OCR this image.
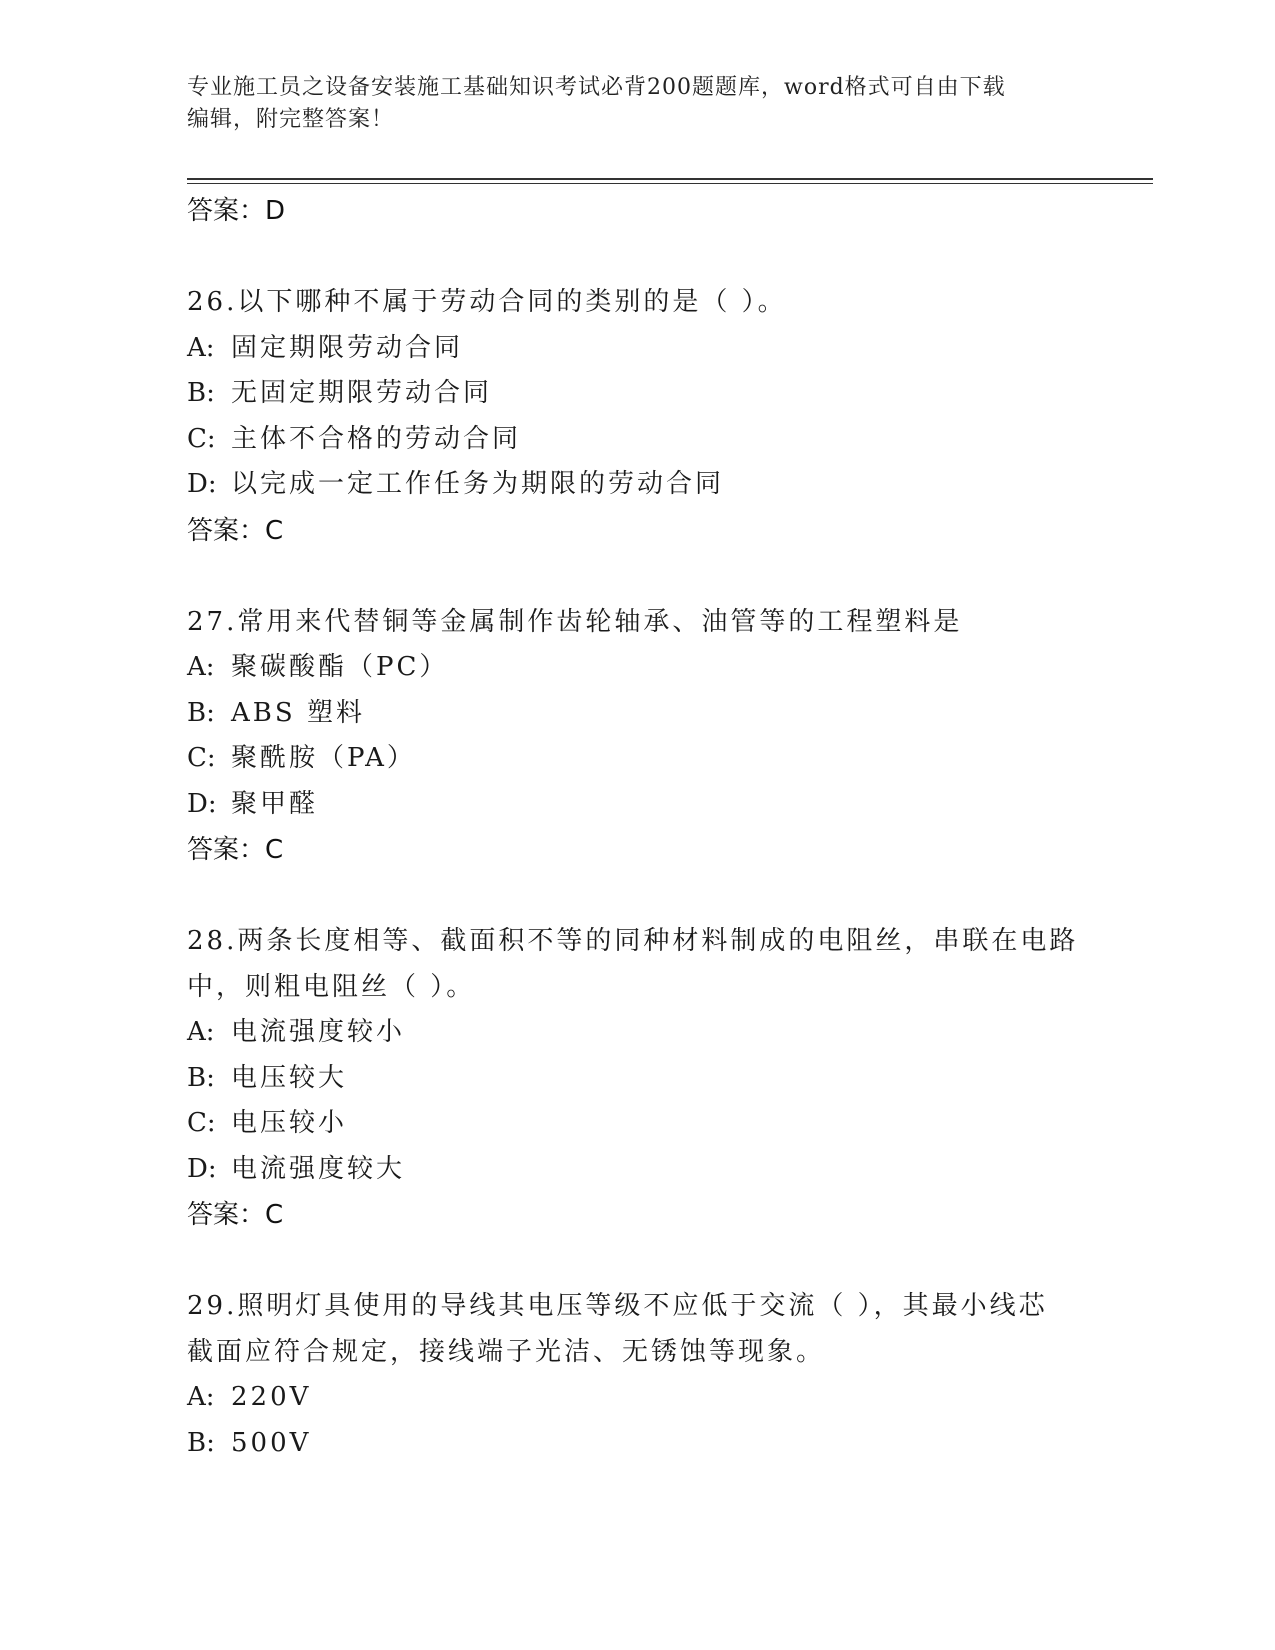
专业施工员之设备安装施工基础知识考试必背200题题库，word格式可自由下载
编辑，附完整答案！
答案：D
26.以下哪种不属于劳动合同的类别的是（ ）。
A: 固定期限劳动合同
B: 无固定期限劳动合同
C: 主体不合格的劳动合同
D: 以完成一定工作任务为期限的劳动合同
答案：C
27.常用来代替铜等金属制作齿轮轴承、油管等的工程塑料是
A: 聚碳酸酯（PC）
B: ABS 塑料
C: 聚酰胺（PA）
D: 聚甲醛
答案：C
28.两条长度相等、截面积不等的同种材料制成的电阻丝，串联在电路
中，则粗电阻丝（ ）。
A: 电流强度较小
B: 电压较大
C: 电压较小
D: 电流强度较大
答案：C
29.照明灯具使用的导线其电压等级不应低于交流（ ），其最小线芯
截面应符合规定，接线端子光洁、无锈蚀等现象。
A: 220V
B: 500V
